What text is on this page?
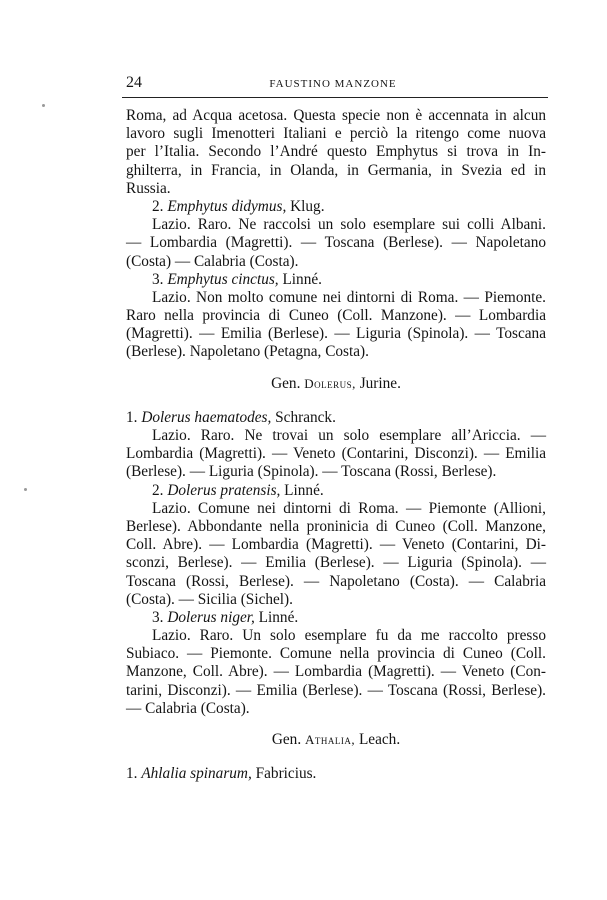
24	FAUSTINO MANZONE
Roma, ad Acqua acetosa. Questa specie non è accennata in alcun
lavoro sugli Imenotteri Italiani e perciò la ritengo come nuova
per l’Italia. Secondo l’André questo Emphytus si trova in In-
ghilterra, in Francia, in Olanda, in Germania, in Svezia ed in
Russia.
2. Emphytus didymus, Klug.
Lazio. Raro. Ne raccolsi un solo esemplare sui colli Albani.
— Lombardia (Magretti). — Toscana (Berlese). — Napoletano
(Costa) — Calabria (Costa).
3. Emphytus cinctus, Linné.
Lazio. Non molto comune nei dintorni di Roma. — Piemonte.
Raro nella provincia di Cuneo (Coll. Manzone). — Lombardia
(Magretti). — Emilia (Berlese). — Liguria (Spinola). — Toscana
(Berlese). Napoletano (Petagna, Costa).
Gen. Dolerus, Jurine.
1. Dolerus haematodes, Schranck.
Lazio. Raro. Ne trovai un solo esemplare all’Ariccia. —
Lombardia (Magretti). — Veneto (Contarini, Disconzi). — Emilia
(Berlese). — Liguria (Spinola). — Toscana (Rossi, Berlese).
2. Dolerus pratensis, Linné.
Lazio. Comune nei dintorni di Roma. — Piemonte (Allioni,
Berlese). Abbondante nella proninicia di Cuneo (Coll. Manzone,
Coll. Abre). — Lombardia (Magretti). — Veneto (Contarini, Di-
sconzi, Berlese). — Emilia (Berlese). — Liguria (Spinola). —
Toscana (Rossi, Berlese). — Napoletano (Costa). — Calabria
(Costa). — Sicilia (Sichel).
3. Dolerus niger, Linné.
Lazio. Raro. Un solo esemplare fu da me raccolto presso
Subiaco. — Piemonte. Comune nella provincia di Cuneo (Coll.
Manzone, Coll. Abre). — Lombardia (Magretti). — Veneto (Con-
tarini, Disconzi). — Emilia (Berlese). — Toscana (Rossi, Berlese).
— Calabria (Costa).
Gen. Athalia, Leach.
1. Ahlalia spinarum, Fabricius.
